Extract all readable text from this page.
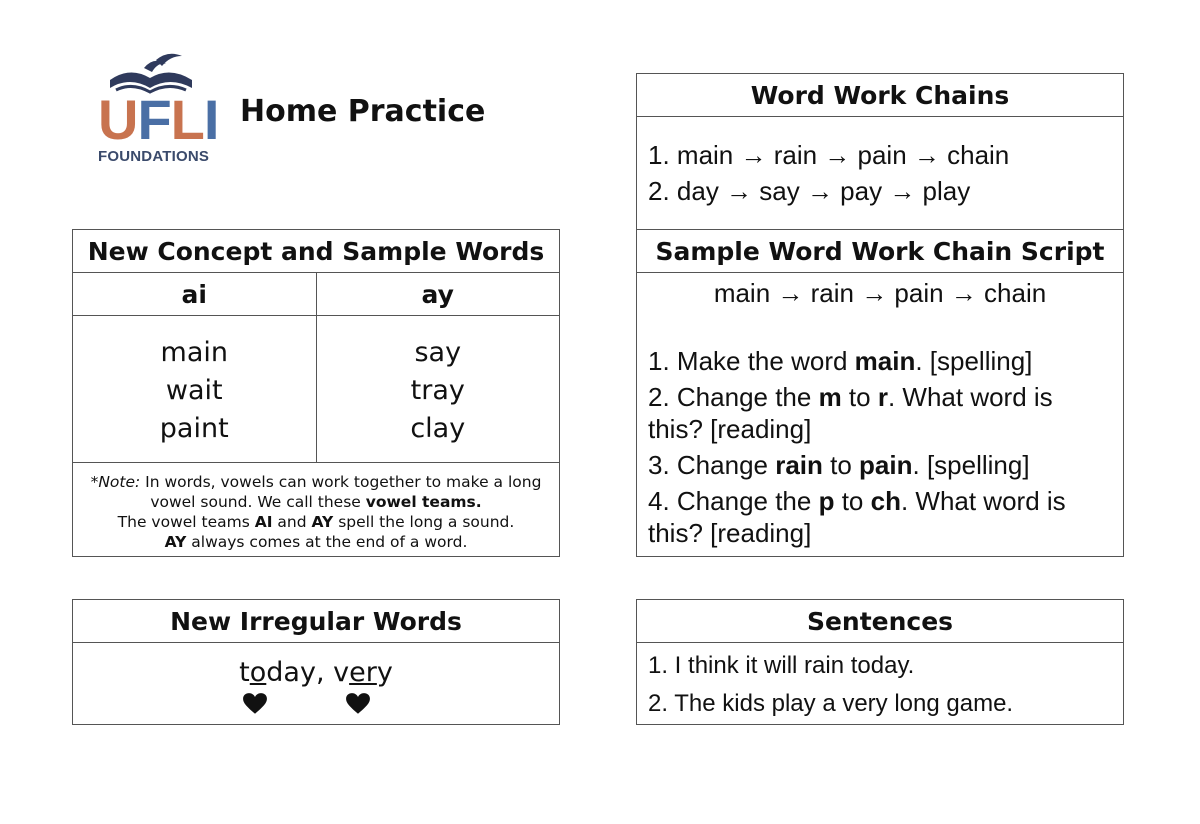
UFLI
FOUNDATIONS
Home Practice
New Concept and Sample Words
ai	ay
main
wait
paint
say
tray
clay
*Note: In words, vowels can work together to make a long
vowel sound. We call these vowel teams.
The vowel teams AI and AY spell the long a sound.
AY always comes at the end of a word.
New Irregular Words
today
, very
Word Work Chains
1. main → rain → pain → chain
2. day → say → pay → play
Sample Word Work Chain Script
main → rain → pain → chain
1. Make the word main. [spelling]
2. Change the m to r. What word is
this? [reading]
3. Change rain to pain. [spelling]
4. Change the p to ch. What word is
this? [reading]
Sentences
1. I think it will rain today.
2. The kids play a very long game.
